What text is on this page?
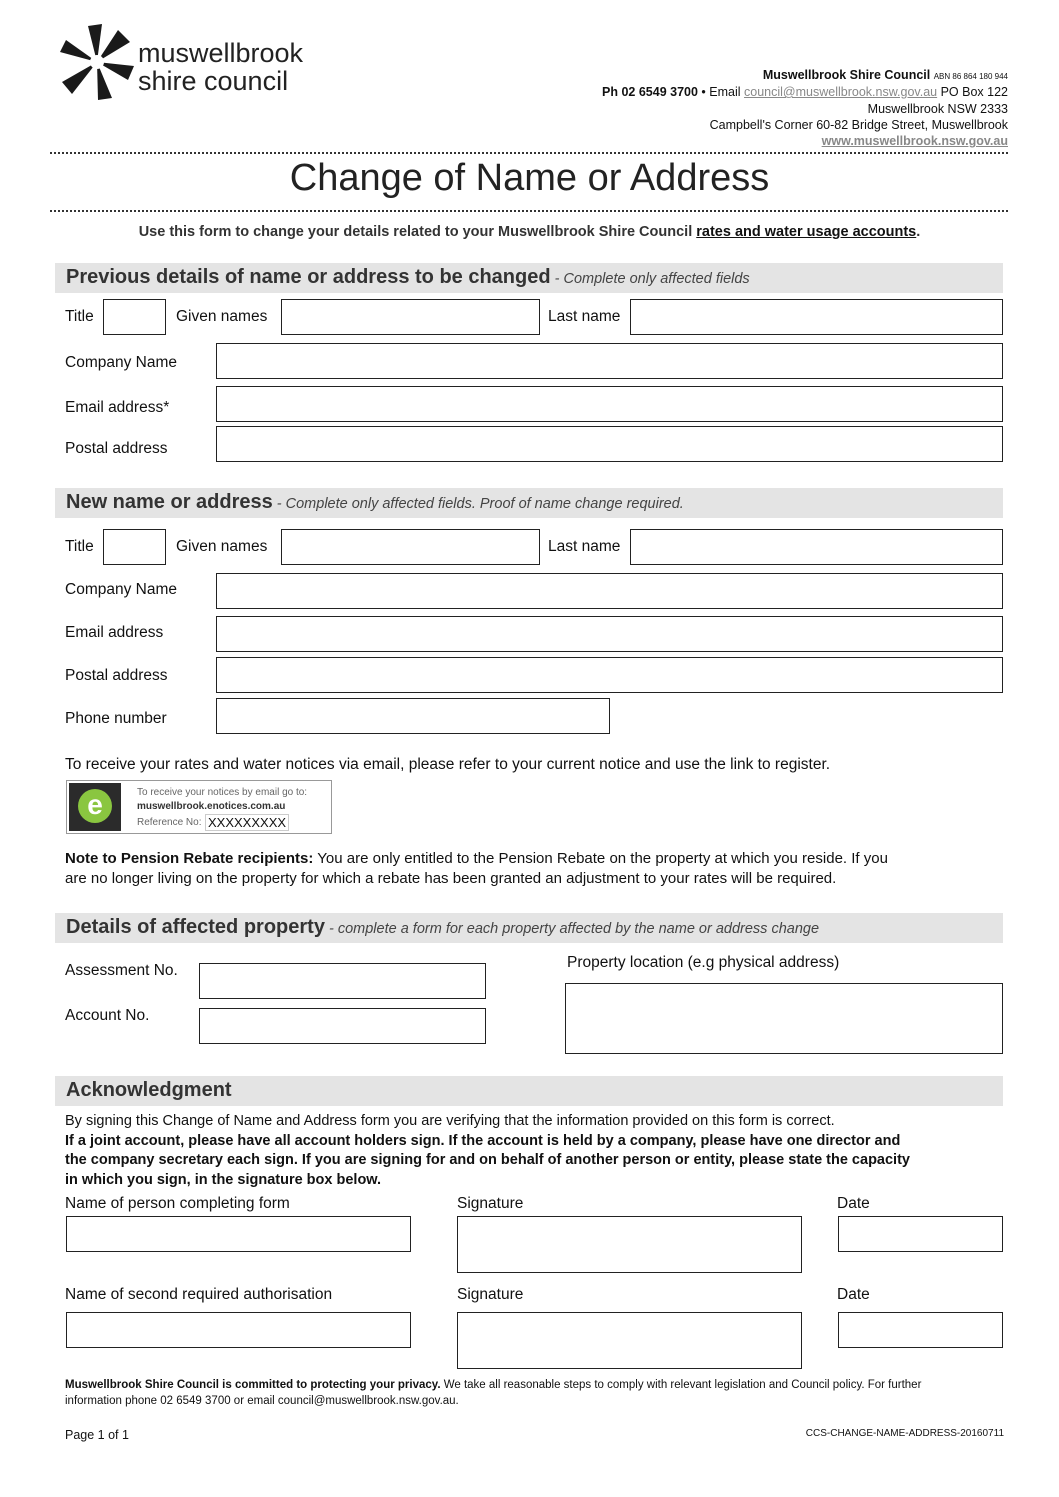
muswellbrook
shire council	Muswellbrook Shire Council ABN 86 864 180 944
Ph 02 6549 3700 • Email council@muswellbrook.nsw.gov.au PO Box 122
Muswellbrook NSW 2333
Campbell's Corner 60-82 Bridge Street, Muswellbrook
www.muswellbrook.nsw.gov.au
Change of Name or Address
Use this form to change your details related to your Muswellbrook Shire Council rates and water usage accounts.
Previous details of name or address to be changed - Complete only affected fields
Title	Given names	Last name
Company Name
Email address*
Postal address
New name or address - Complete only affected fields. Proof of name change required.
Title	Given names	Last name
Company Name
Email address
Postal address
Phone number
To receive your rates and water notices via email, please refer to your current notice and use the link to register.
e	To receive your notices by email go to:
muswellbrook.enotices.com.au
Reference No: XXXXXXXXX
Note to Pension Rebate recipients: You are only entitled to the Pension Rebate on the property at which you reside. If you
are no longer living on the property for which a rebate has been granted an adjustment to your rates will be required.
Details of affected property - complete a form for each property affected by the name or address change
Assessment No.
Account No.
Property location (e.g physical address)
Acknowledgment
By signing this Change of Name and Address form you are verifying that the information provided on this form is correct.
If a joint account, please have all account holders sign. If the account is held by a company, please have one director and
the company secretary each sign. If you are signing for and on behalf of another person or entity, please state the capacity
in which you sign, in the signature box below.
Name of person completing form	Signature	Date
Name of second required authorisation	Signature	Date
Muswellbrook Shire Council is committed to protecting your privacy. We take all reasonable steps to comply with relevant legislation and Council policy. For further
information phone 02 6549 3700 or email council@muswellbrook.nsw.gov.au.
Page 1 of 1	CCS-CHANGE-NAME-ADDRESS-20160711
